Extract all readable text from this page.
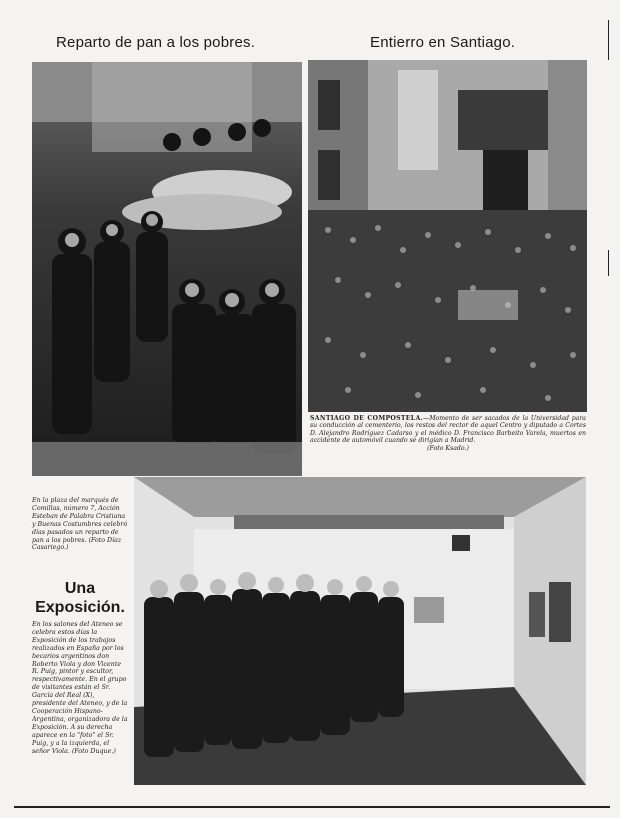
Reparto de pan a los pobres.	Entierro en Santiago.
SANTIAGO DE COMPOSTELA.—Momento de ser sacados de la Universidad para su conducción al cementerio, los restos del rector de aquel Centro y diputado a Cortes D. Alejandro Rodríguez Cadarso y el médico D. Francisco Barbeito Varela, muertos en accidente de automóvil cuando se dirigían a Madrid.
(Foto Ksado.)
En la plaza del marqués de Comillas, número 7, Acción Esteban de Palabra Cristiana y Buenas Costumbres celebró días pasados un reparto de pan a los pobres. (Foto Díaz Casariego.)
Una
Exposición.
En los salones del Ateneo se celebra estos días la Exposición de los trabajos realizados en España por los becarios argentinos don Roberto Viola y don Vicente R. Puig, pintor y escultor, respectivamente. En el grupo de visitantes están el Sr. García del Real (X), presidente del Ateneo, y de la Cooperación Hispano-Argentina, organizadora de la Exposición. A su derecha aparece en la "foto" el Sr. Puig, y a la izquierda, el señor Viola. (Foto Duque.)
